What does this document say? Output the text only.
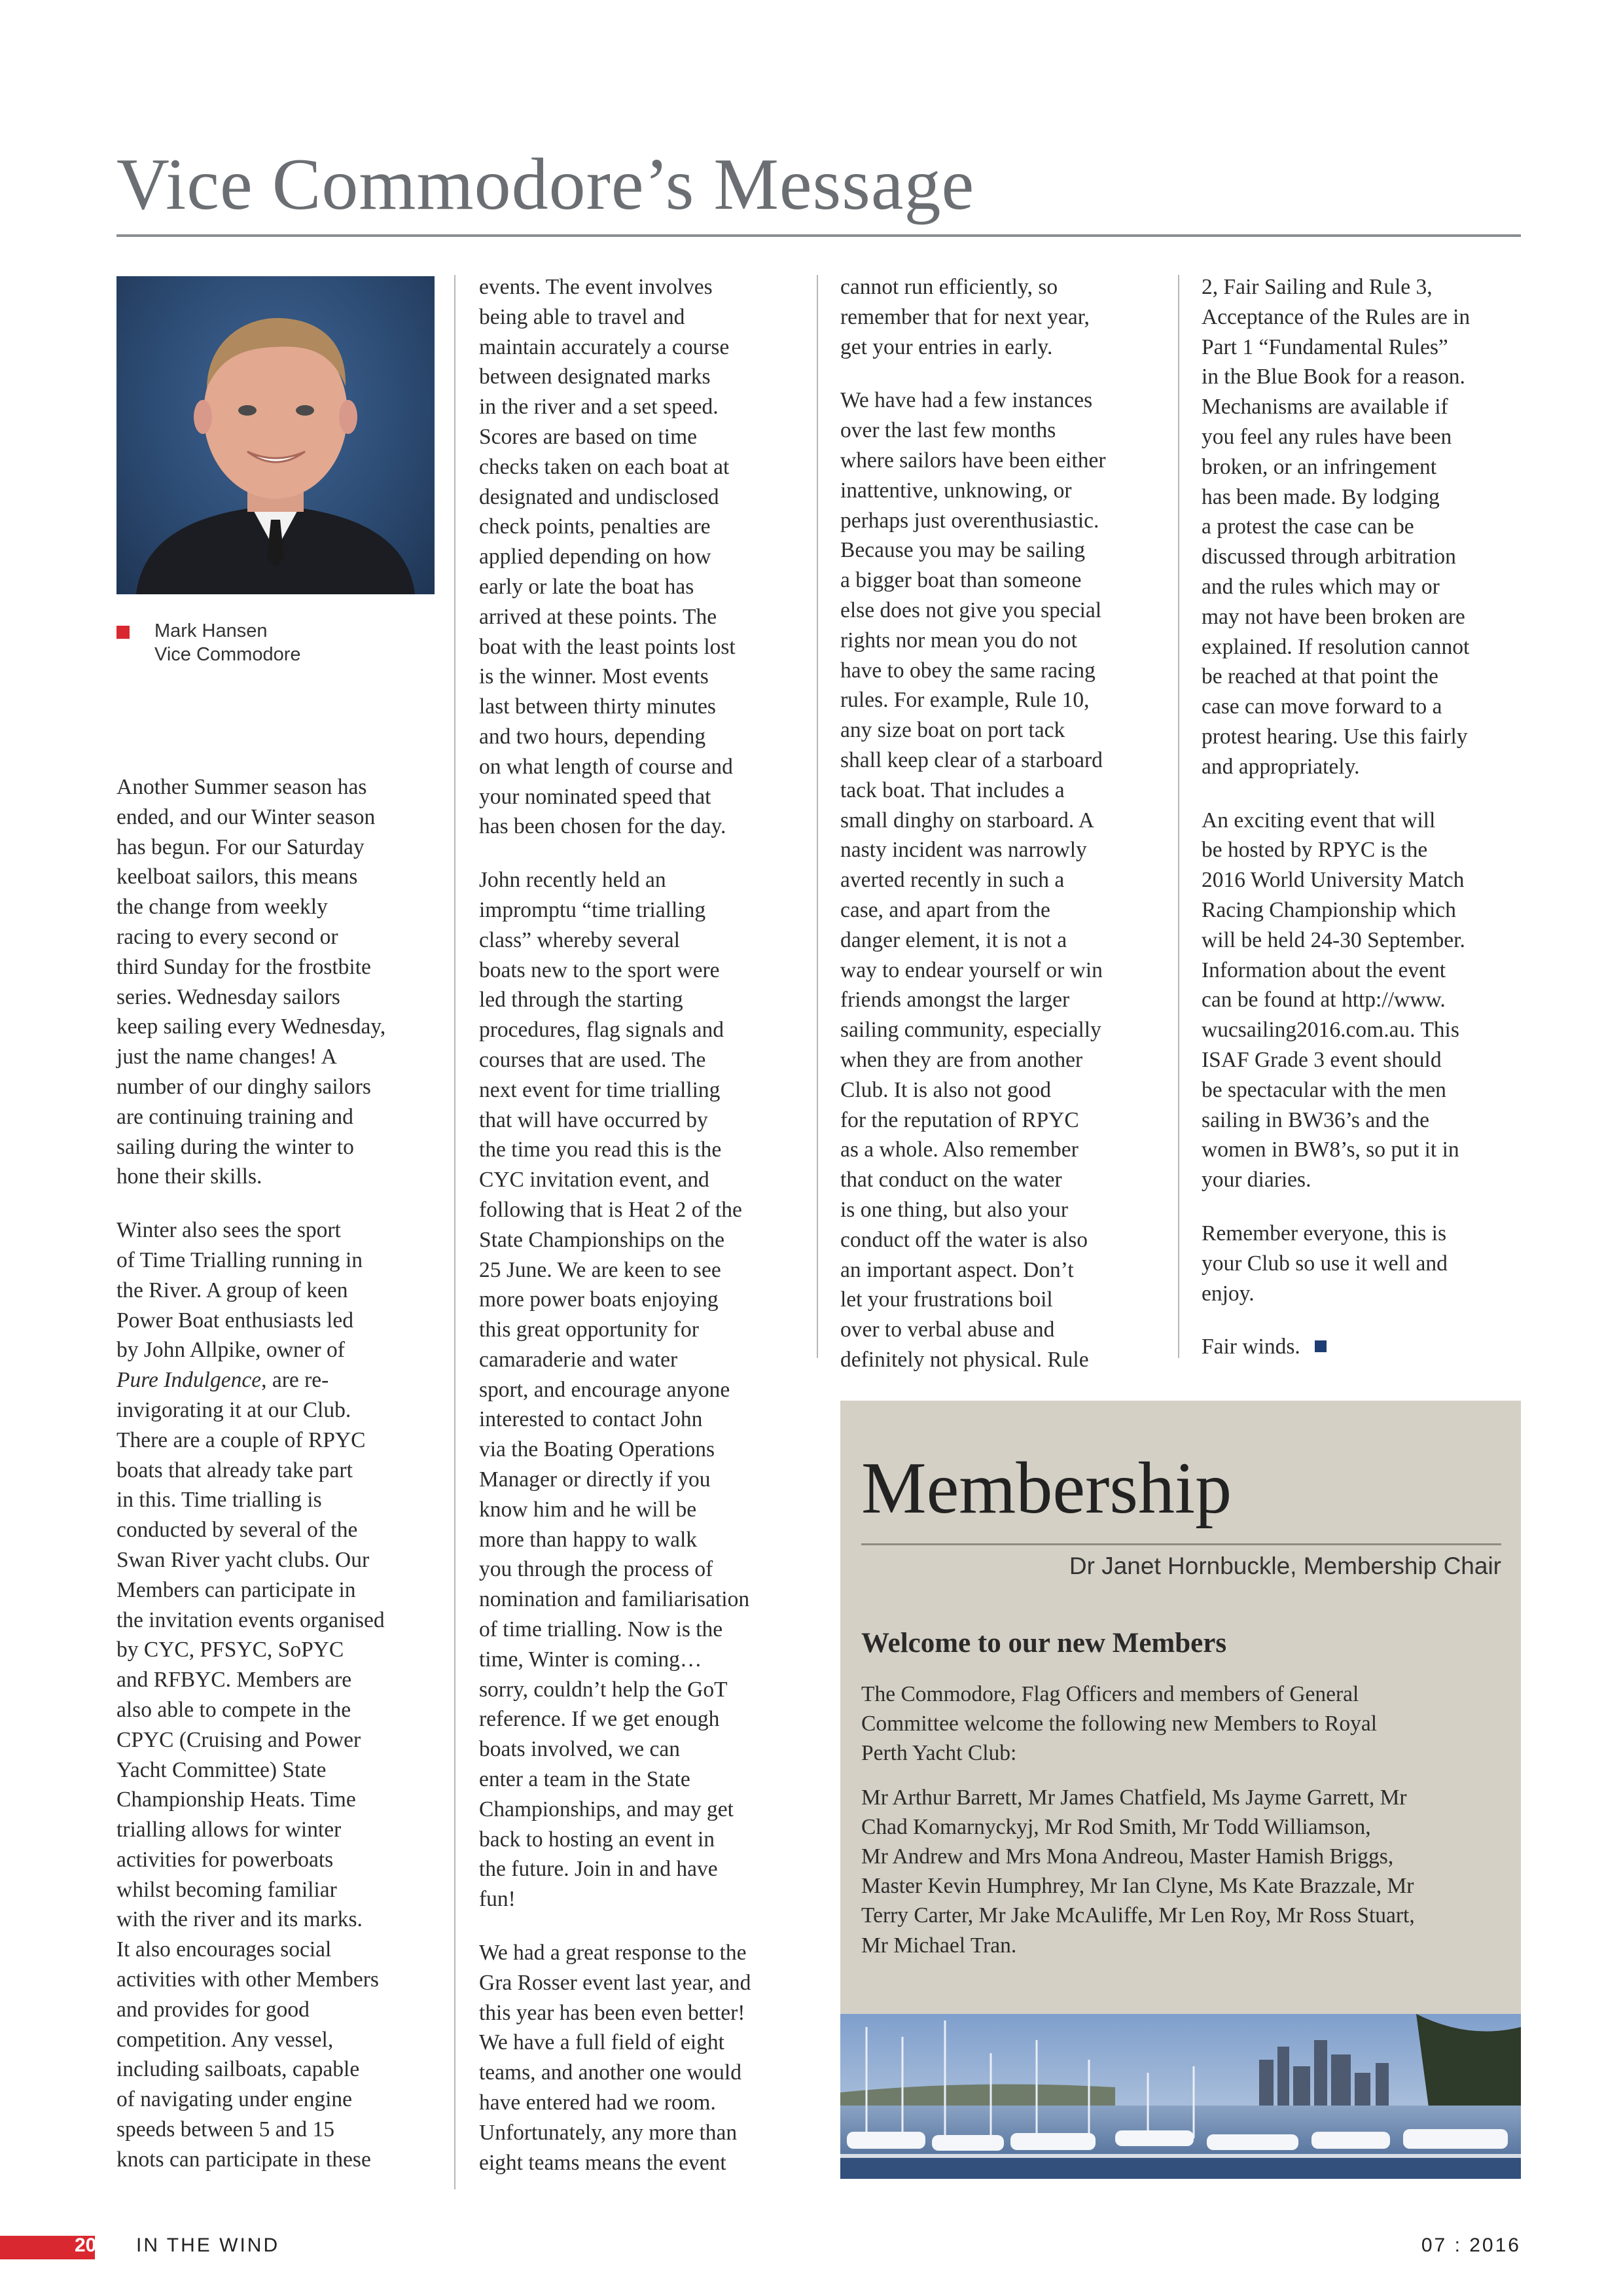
Vice Commodore’s Message
Mark Hansen
Vice Commodore

Another Summer season has
ended, and our Winter season
has begun. For our Saturday
keelboat sailors, this means
the change from weekly
racing to every second or
third Sunday for the frostbite
series. Wednesday sailors
keep sailing every Wednesday,
just the name changes! A
number of our dinghy sailors
are continuing training and
sailing during the winter to
hone their skills.

Winter also sees the sport
of Time Trialling running in
the River. A group of keen
Power Boat enthusiasts led
by John Allpike, owner of
Pure Indulgence, are re-
invigorating it at our Club.
There are a couple of RPYC
boats that already take part
in this. Time trialling is
conducted by several of the
Swan River yacht clubs. Our
Members can participate in
the invitation events organised
by CYC, PFSYC, SoPYC
and RFBYC. Members are
also able to compete in the
CPYC (Cruising and Power
Yacht Committee) State
Championship Heats. Time
trialling allows for winter
activities for powerboats
whilst becoming familiar
with the river and its marks.
It also encourages social
activities with other Members
and provides for good
competition. Any vessel,
including sailboats, capable
of navigating under engine
speeds between 5 and 15
knots can participate in these

events. The event involves
being able to travel and
maintain accurately a course
between designated marks
in the river and a set speed.
Scores are based on time
checks taken on each boat at
designated and undisclosed
check points, penalties are
applied depending on how
early or late the boat has
arrived at these points. The
boat with the least points lost
is the winner. Most events
last between thirty minutes
and two hours, depending
on what length of course and
your nominated speed that
has been chosen for the day.

John recently held an
impromptu “time trialling
class” whereby several
boats new to the sport were
led through the starting
procedures, flag signals and
courses that are used. The
next event for time trialling
that will have occurred by
the time you read this is the
CYC invitation event, and
following that is Heat 2 of the
State Championships on the
25 June. We are keen to see
more power boats enjoying
this great opportunity for
camaraderie and water
sport, and encourage anyone
interested to contact John
via the Boating Operations
Manager or directly if you
know him and he will be
more than happy to walk
you through the process of
nomination and familiarisation
of time trialling. Now is the
time, Winter is coming…
sorry, couldn’t help the GoT
reference. If we get enough
boats involved, we can
enter a team in the State
Championships, and may get
back to hosting an event in
the future. Join in and have
fun!

We had a great response to the
Gra Rosser event last year, and
this year has been even better!
We have a full field of eight
teams, and another one would
have entered had we room.
Unfortunately, any more than
eight teams means the event

cannot run efficiently, so
remember that for next year,
get your entries in early.

We have had a few instances
over the last few months
where sailors have been either
inattentive, unknowing, or
perhaps just overenthusiastic.
Because you may be sailing
a bigger boat than someone
else does not give you special
rights nor mean you do not
have to obey the same racing
rules. For example, Rule 10,
any size boat on port tack
shall keep clear of a starboard
tack boat. That includes a
small dinghy on starboard. A
nasty incident was narrowly
averted recently in such a
case, and apart from the
danger element, it is not a
way to endear yourself or win
friends amongst the larger
sailing community, especially
when they are from another
Club. It is also not good
for the reputation of RPYC
as a whole. Also remember
that conduct on the water
is one thing, but also your
conduct off the water is also
an important aspect. Don’t
let your frustrations boil
over to verbal abuse and
definitely not physical. Rule

2, Fair Sailing and Rule 3,
Acceptance of the Rules are in
Part 1 “Fundamental Rules”
in the Blue Book for a reason.
Mechanisms are available if
you feel any rules have been
broken, or an infringement
has been made. By lodging
a protest the case can be
discussed through arbitration
and the rules which may or
may not have been broken are
explained. If resolution cannot
be reached at that point the
case can move forward to a
protest hearing. Use this fairly
and appropriately.

An exciting event that will
be hosted by RPYC is the
2016 World University Match
Racing Championship which
will be held 24-30 September.
Information about the event
can be found at http://www.
wucsailing2016.com.au. This
ISAF Grade 3 event should
be spectacular with the men
sailing in BW36’s and the
women in BW8’s, so put it in
your diaries.

Remember everyone, this is
your Club so use it well and
enjoy.

Fair winds.

Membership
Dr Janet Hornbuckle, Membership Chair
Welcome to our new Members

The Commodore, Flag Officers and members of General
Committee welcome the following new Members to Royal
Perth Yacht Club:

Mr Arthur Barrett, Mr James Chatfield, Ms Jayme Garrett, Mr
Chad Komarnyckyj, Mr Rod Smith, Mr Todd Williamson,
Mr Andrew and Mrs Mona Andreou, Master Hamish Briggs,
Master Kevin Humphrey, Mr Ian Clyne, Ms Kate Brazzale, Mr
Terry Carter, Mr Jake McAuliffe, Mr Len Roy, Mr Ross Stuart,
Mr Michael Tran.

20 IN THE WIND	07 : 2016
